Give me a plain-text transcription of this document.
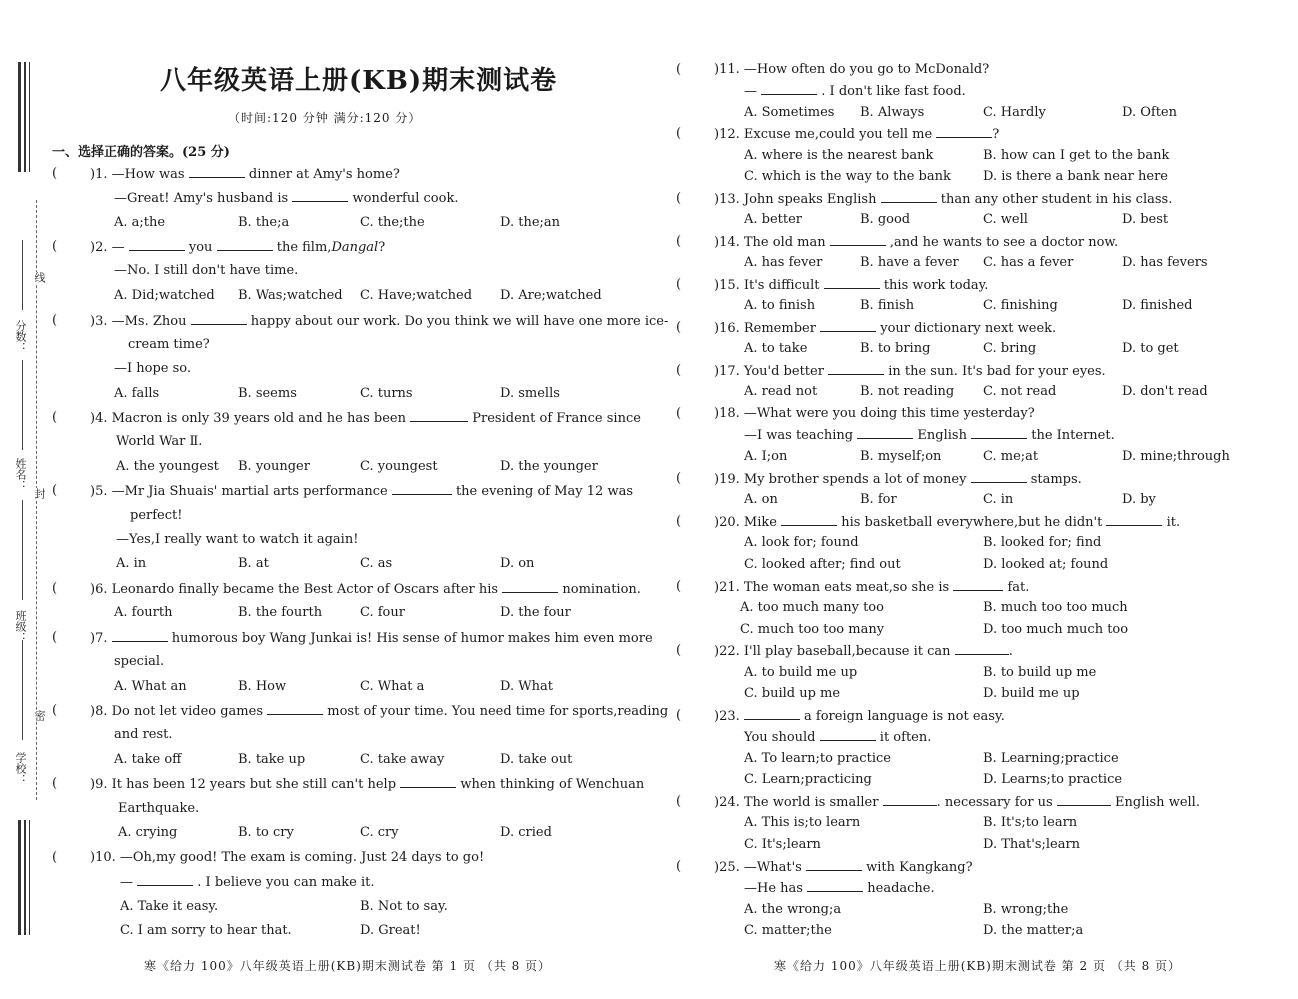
分数：
姓名：
班级：
学校：
线
封
密
八年级英语上册(KB)期末测试卷
（时间:120 分钟 满分:120 分）
一、选择正确的答案。(25 分)
(	)1. —How was	dinner at Amy's home?
—Great! Amy's husband is	wonderful cook.
A. a;the	B. the;a	C. the;the	D. the;an
(	)2. —	you	the film,Dangal?
—No. I still don't have time.
A. Did;watched B. Was;watched C. Have;watched D. Are;watched
(	)3. —Ms. Zhou	happy about our work. Do you think we will have one more ice-
cream time?
—I hope so.
A. falls	B. seems	C. turns	D. smells
(	)4. Macron is only 39 years old and he has been	President of France since
World War Ⅱ.
A. the youngest B. younger	C. youngest	D. the younger
(	)5. —Mr Jia Shuais' martial arts performance	the evening of May 12 was
perfect!
—Yes,I really want to watch it again!
A. in	B. at	C. as	D. on
(	)6. Leonardo finally became the Best Actor of Oscars after his	nomination.
A. fourth	B. the fourth	C. four	D. the four
(	)7.	humorous boy Wang Junkai is! His sense of humor makes him even more
special.
A. What an	B. How	C. What a	D. What
(	)8. Do not let video games	most of your time. You need time for sports,reading
and rest.
A. take off	B. take up	C. take away	D. take out
(	)9. It has been 12 years but she still can't help	when thinking of Wenchuan
Earthquake.
A. crying	B. to cry	C. cry	D. cried
(	)10. —Oh,my good! The exam is coming. Just 24 days to go!
—	. I believe you can make it.
A. Take it easy.	B. Not to say.
C. I am sorry to hear that.	D. Great!
寒《给力 100》八年级英语上册(KB)期末测试卷 第 1 页 （共 8 页）
(	)11. —How often do you go to McDonald?
—	. I don't like fast food.
A. Sometimes B. Always	C. Hardly	D. Often
(	)12. Excuse me,could you tell me	?
A. where is the nearest bank	B. how can I get to the bank
C. which is the way to the bank D. is there a bank near here
(	)13. John speaks English	than any other student in his class.
A. better	B. good	C. well	D. best
(	)14. The old man	,and he wants to see a doctor now.
A. has fever	B. have a fever C. has a fever	D. has fevers
(	)15. It's difficult	this work today.
A. to finish	B. finish	C. finishing	D. finished
(	)16. Remember	your dictionary next week.
A. to take	B. to bring	C. bring	D. to get
(	)17. You'd better	in the sun. It's bad for your eyes.
A. read not	B. not reading C. not read	D. don't read
(	)18. —What were you doing this time yesterday?
—I was teaching	English	the Internet.
A. I;on	B. myself;on	C. me;at	D. mine;through
(	)19. My brother spends a lot of money	stamps.
A. on	B. for	C. in	D. by
(	)20. Mike	his basketball everywhere,but he didn't	it.
A. look for; found	B. looked for; find
C. looked after; find out	D. looked at; found
(	)21. The woman eats meat,so she is	fat.
A. too much many too	B. much too too much
C. much too too many	D. too much much too
(	)22. I'll play baseball,because it can	.
A. to build me up	B. to build up me
C. build up me	D. build me up
(	)23.	a foreign language is not easy.
You should	it often.
A. To learn;to practice	B. Learning;practice
C. Learn;practicing	D. Learns;to practice
(	)24. The world is smaller	. necessary for us	English well.
A. This is;to learn	B. It's;to learn
C. It's;learn	D. That's;learn
(	)25. —What's	with Kangkang?
—He has	headache.
A. the wrong;a	B. wrong;the
C. matter;the	D. the matter;a
寒《给力 100》八年级英语上册(KB)期末测试卷 第 2 页 （共 8 页）
